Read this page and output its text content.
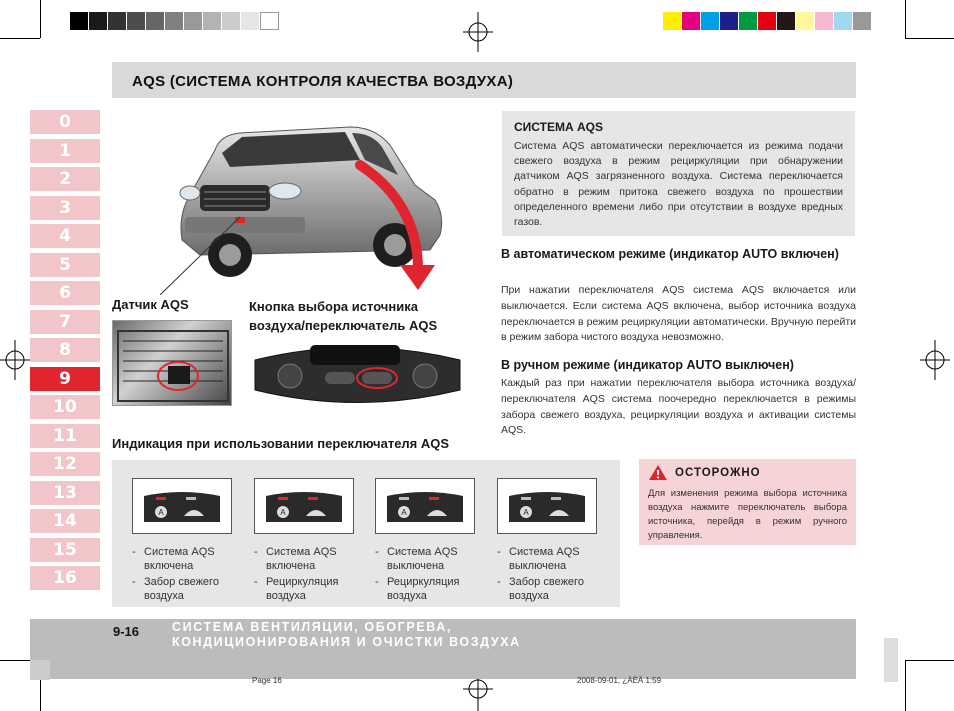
AQS (СИСТЕМА КОНТРОЛЯ КАЧЕСТВА ВОЗДУХА)
0
1
2
3
4
5
6
7
8
9
10
11
12
13
14
15
16
Датчик AQS	Кнопка выбора источника
воздуха/переключатель AQS
Индикация при использовании переключателя AQS
A
- Система AQS
включена
- Забор свежего
воздуха
A
- Система AQS
включена
- Рециркуляция
воздуха
A
- Система AQS
выключена
- Рециркуляция
воздуха
A
- Система AQS
выключена
- Забор свежего
воздуха
СИСТЕМА AQS
Система AQS автоматически переключается из режима подачи свежего воздуха в режим рециркуляции при обнаружении датчиком AQS загрязненного воздуха. Система переключается обратно в режим притока свежего воздуха по прошествии определенного времени либо при отсутствии в воздухе вредных газов.
В автоматическом режиме (индикатор AUTO включен)
При нажатии переключателя AQS система AQS включается или выключается. Если система AQS включена, выбор источника воздуха переключается в режим рециркуляции автоматически. Вручную перейти в режим забора чистого воздуха невозможно.
В ручном режиме (индикатор AUTO выключен)
Каждый раз при нажатии переключателя выбора источника воздуха/переключателя AQS система поочередно переключается в режимы забора свежего воздуха, рециркуляции воздуха и активации системы AQS.
ОСТОРОЖНО
Для изменения режима выбора источника воздуха нажмите переключатель выбора источника, перейдя в режим ручного управления.
9-16	СИСТЕМА ВЕНТИЛЯЦИИ, ОБОГРЕВА,
КОНДИЦИОНИРОВАНИЯ И ОЧИСТКИ ВОЗДУХА
Page 16	2008-09-01, ¿ÀÈÄ 1:59
